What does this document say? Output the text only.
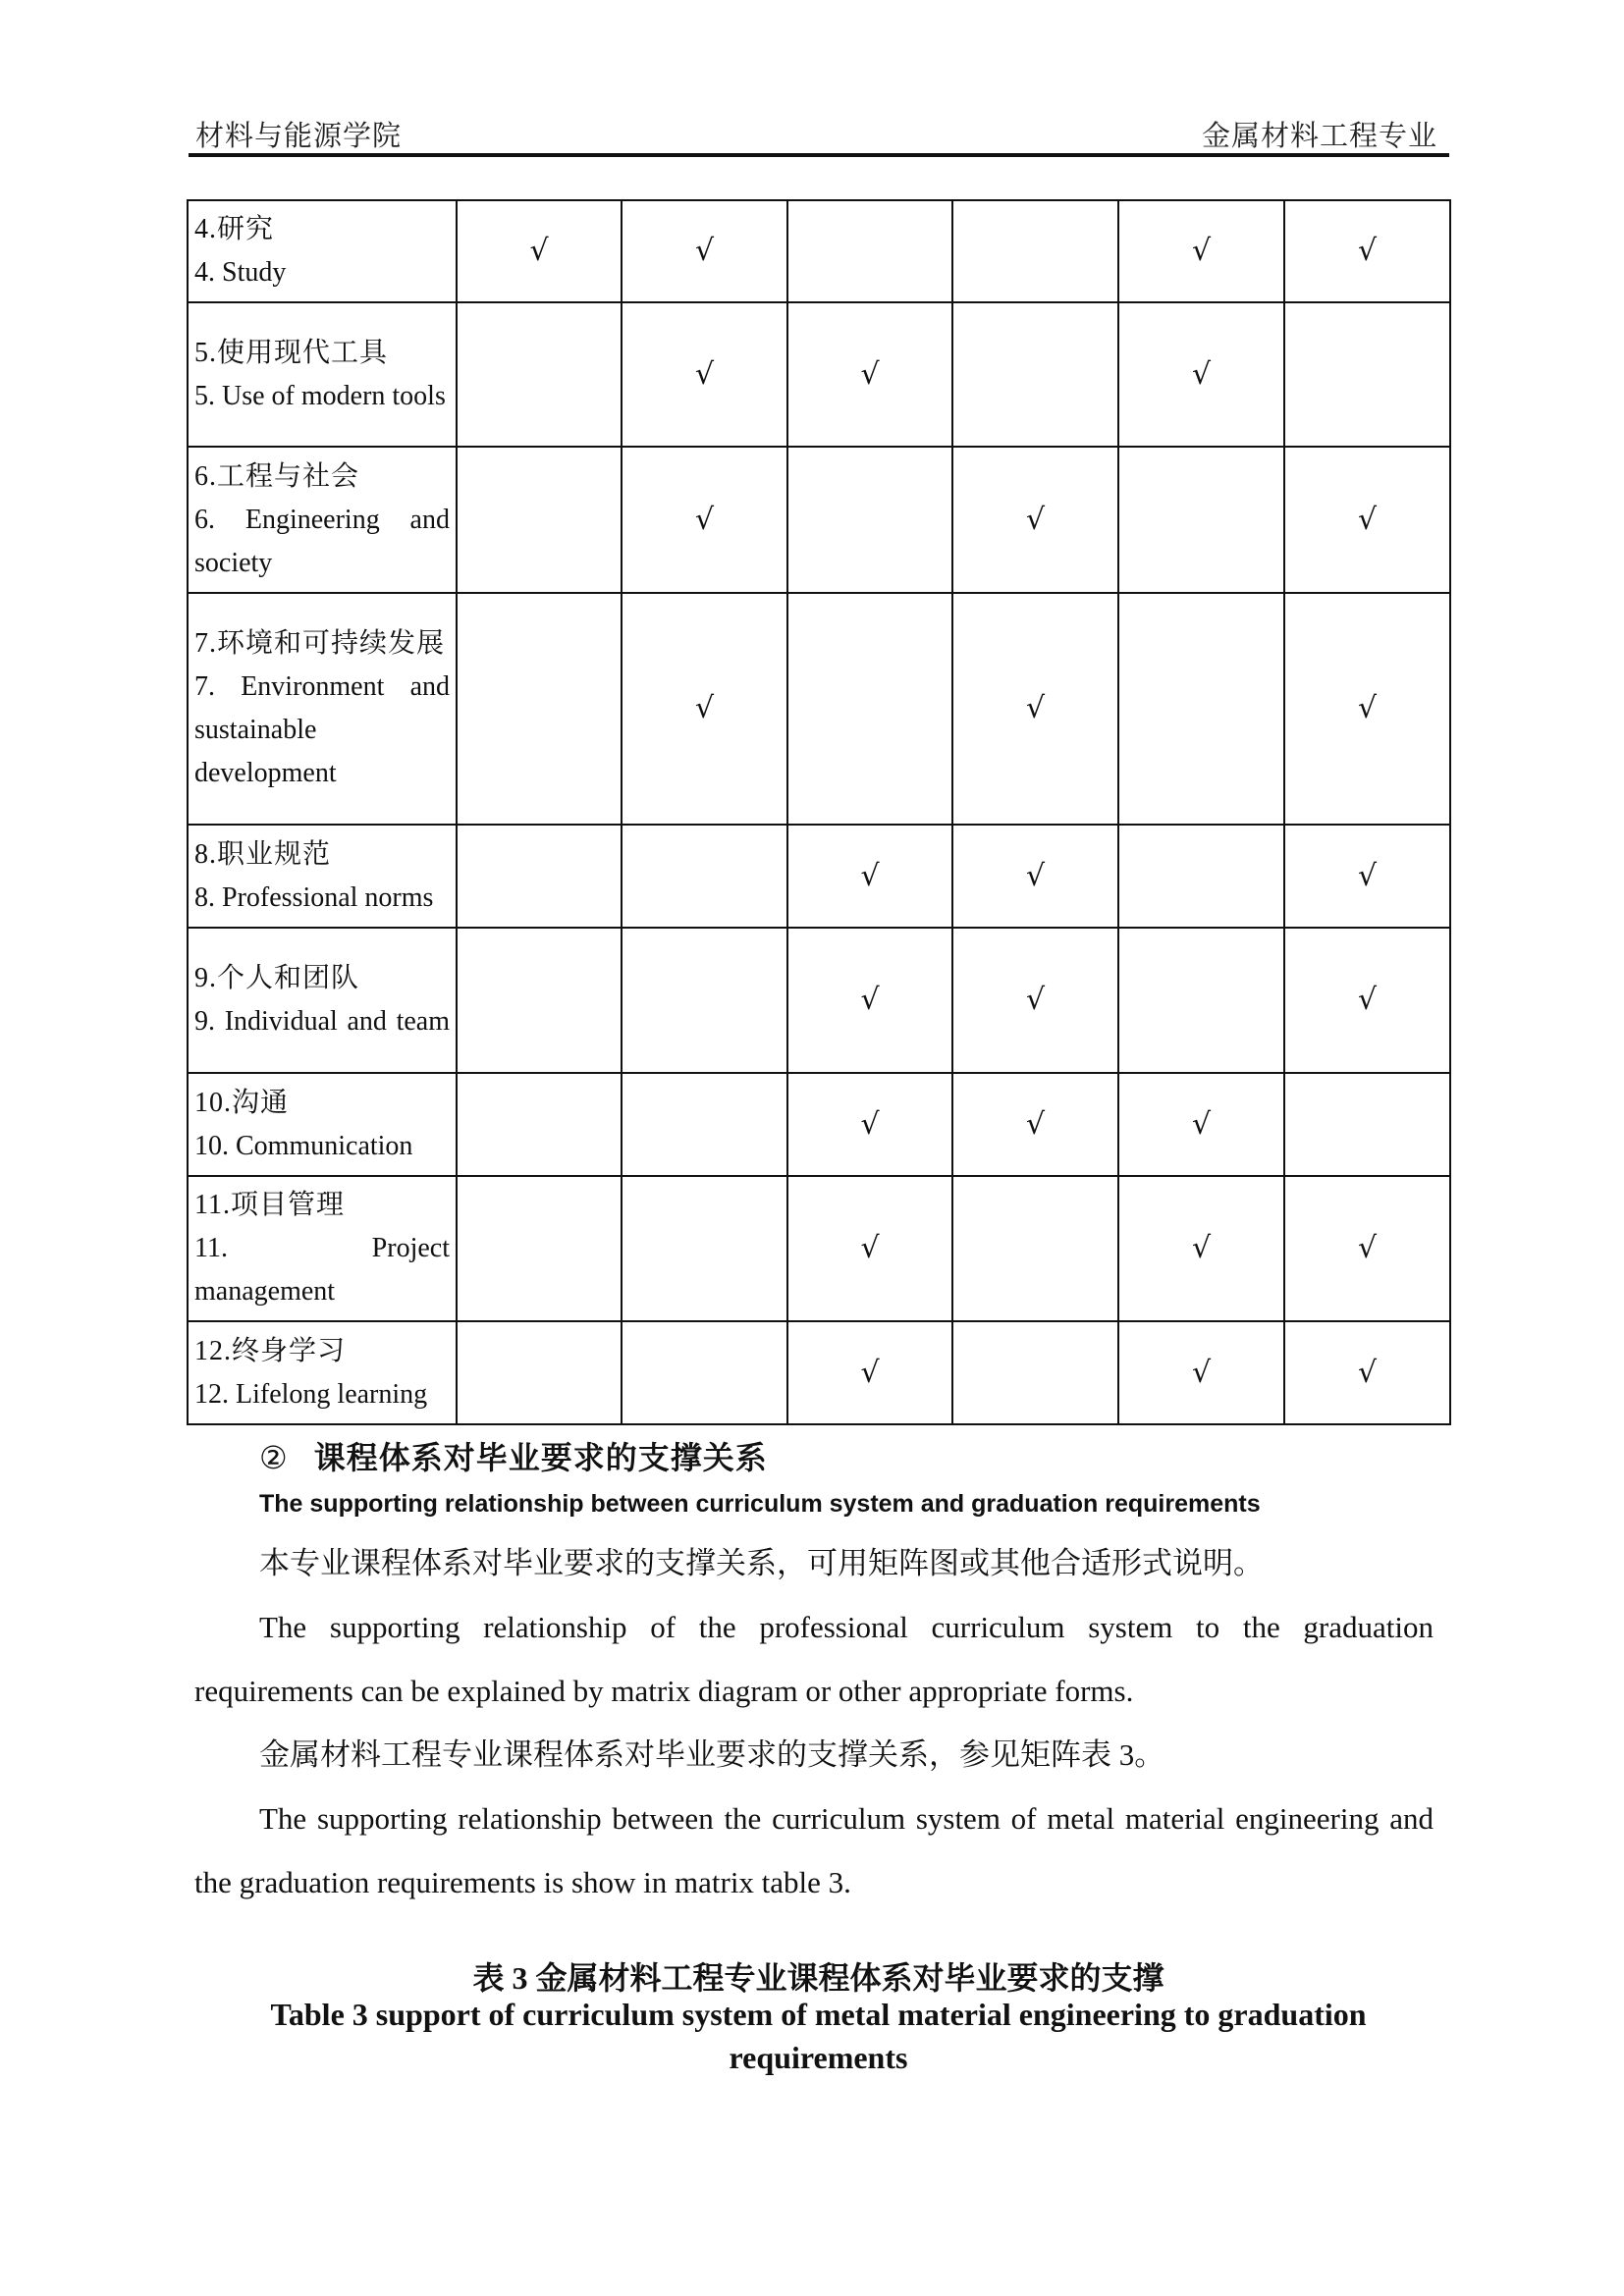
材料与能源学院	金属材料工程专业
4.研究
4. Study	√	√			√	√

5.使用现代工具
5. Use of modern tools		√	√		√	

6.工程与社会
6. Engineering and society		√		√		√

7.环境和可持续发展
7. Environment and sustainable development		√		√		√

8.职业规范
8. Professional norms			√	√		√

9.个人和团队
9. Individual and team			√	√		√

10.沟通
10. Communication			√	√	√	

11.项目管理
11. Project management			√		√	√

12.终身学习
12. Lifelong learning			√		√	√
② 课程体系对毕业要求的支撑关系
The supporting relationship between curriculum system and graduation requirements
本专业课程体系对毕业要求的支撑关系，可用矩阵图或其他合适形式说明。
The supporting relationship of the professional curriculum system to the graduation requirements can be explained by matrix diagram or other appropriate forms.
金属材料工程专业课程体系对毕业要求的支撑关系，参见矩阵表 3。
The supporting relationship between the curriculum system of metal material engineering and the graduation requirements is show in matrix table 3.
表 3 金属材料工程专业课程体系对毕业要求的支撑
Table 3 support of curriculum system of metal material engineering to graduation requirements
